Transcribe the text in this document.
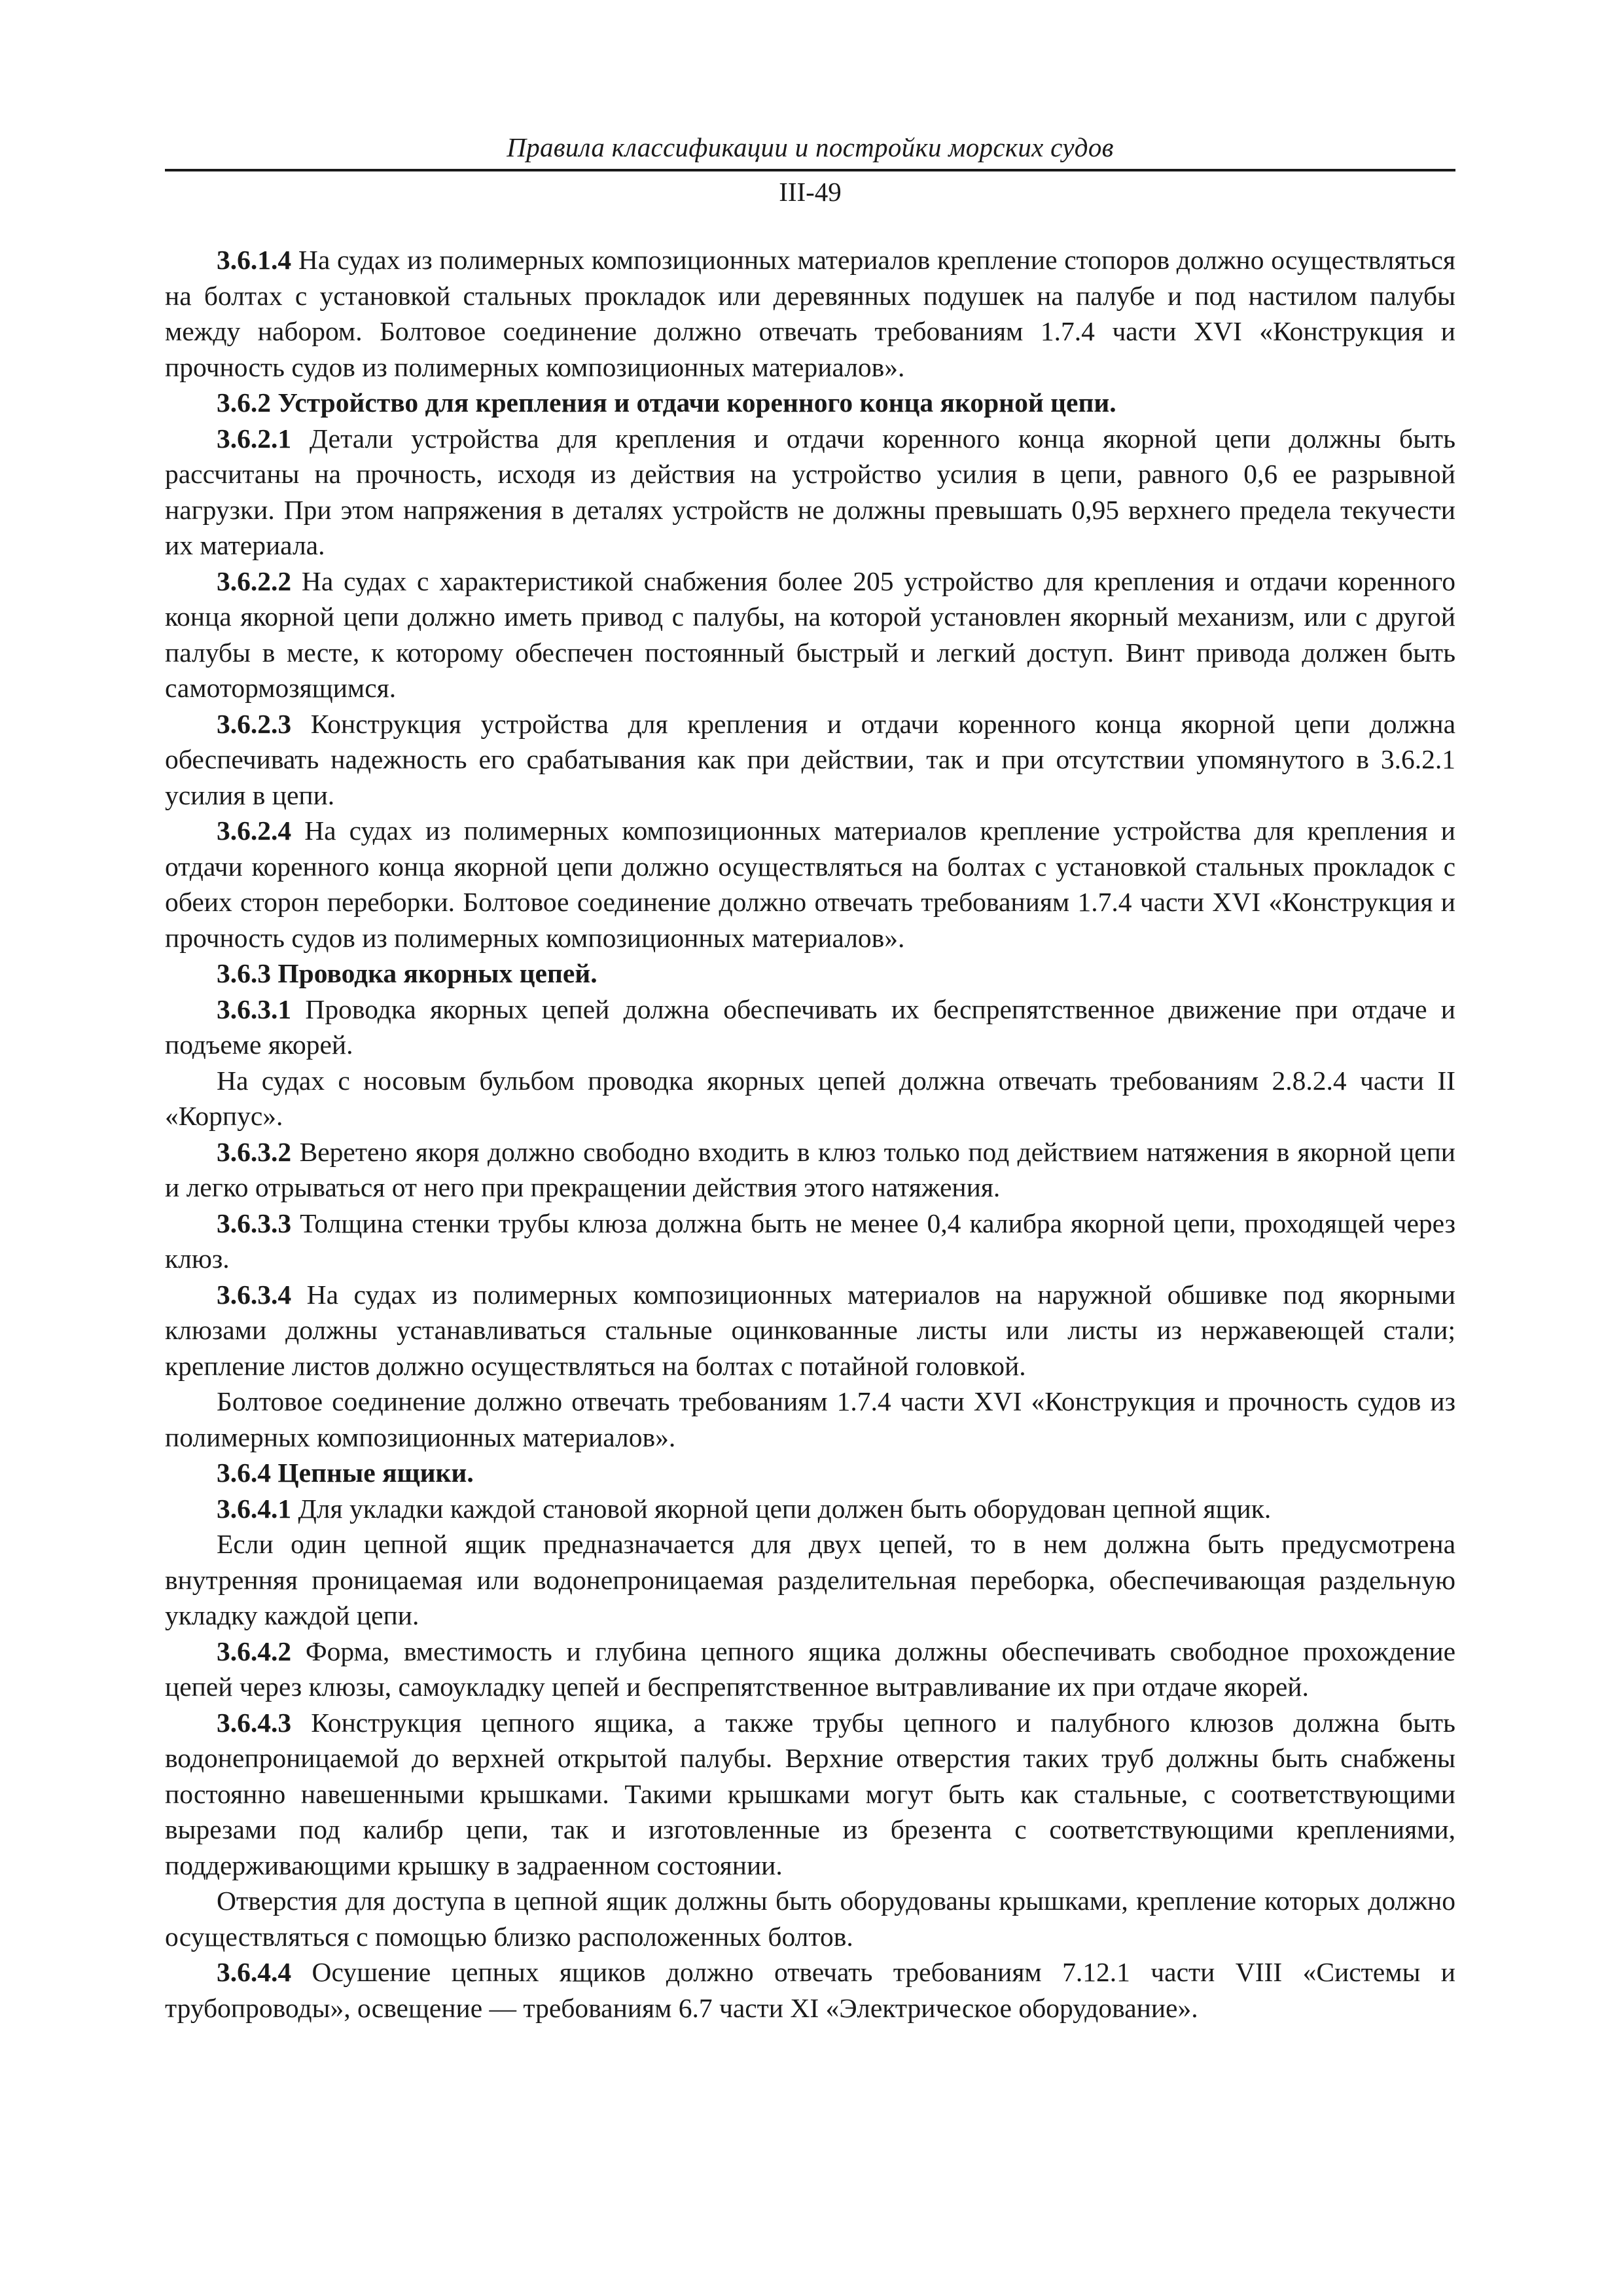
Правила классификации и постройки морских судов
III-49

3.6.1.4 На судах из полимерных композиционных материалов крепление стопоров должно осуществляться на болтах с установкой стальных прокладок или деревянных подушек на палубе и под настилом палубы между набором. Болтовое соединение должно отвечать требованиям 1.7.4 части XVI «Конструкция и прочность судов из полимерных композиционных материалов».

3.6.2 Устройство для крепления и отдачи коренного конца якорной цепи.

3.6.2.1 Детали устройства для крепления и отдачи коренного конца якорной цепи должны быть рассчитаны на прочность, исходя из действия на устройство усилия в цепи, равного 0,6 ее разрывной нагрузки. При этом напряжения в деталях устройств не должны превышать 0,95 верхнего предела текучести их материала.

3.6.2.2 На судах с характеристикой снабжения более 205 устройство для крепления и отдачи коренного конца якорной цепи должно иметь привод с палубы, на которой установлен якорный механизм, или с другой палубы в месте, к которому обеспечен постоянный быстрый и легкий доступ. Винт привода должен быть самотормозящимся.

3.6.2.3 Конструкция устройства для крепления и отдачи коренного конца якорной цепи должна обеспечивать надежность его срабатывания как при действии, так и при отсутствии упомянутого в 3.6.2.1 усилия в цепи.

3.6.2.4 На судах из полимерных композиционных материалов крепление устройства для крепления и отдачи коренного конца якорной цепи должно осуществляться на болтах с установкой стальных прокладок с обеих сторон переборки. Болтовое соединение должно отвечать требованиям 1.7.4 части XVI «Конструкция и прочность судов из полимерных композиционных материалов».

3.6.3 Проводка якорных цепей.

3.6.3.1 Проводка якорных цепей должна обеспечивать их беспрепятственное движение при отдаче и подъеме якорей.

На судах с носовым бульбом проводка якорных цепей должна отвечать требованиям 2.8.2.4 части II «Корпус».

3.6.3.2 Веретено якоря должно свободно входить в клюз только под действием натяжения в якорной цепи и легко отрываться от него при прекращении действия этого натяжения.

3.6.3.3 Толщина стенки трубы клюза должна быть не менее 0,4 калибра якорной цепи, проходящей через клюз.

3.6.3.4 На судах из полимерных композиционных материалов на наружной обшивке под якорными клюзами должны устанавливаться стальные оцинкованные листы или листы из нержавеющей стали; крепление листов должно осуществляться на болтах с потайной головкой.

Болтовое соединение должно отвечать требованиям 1.7.4 части XVI «Конструкция и прочность судов из полимерных композиционных материалов».

3.6.4 Цепные ящики.

3.6.4.1 Для укладки каждой становой якорной цепи должен быть оборудован цепной ящик.

Если один цепной ящик предназначается для двух цепей, то в нем должна быть предусмотрена внутренняя проницаемая или водонепроницаемая разделительная переборка, обеспечивающая раздельную укладку каждой цепи.

3.6.4.2 Форма, вместимость и глубина цепного ящика должны обеспечивать свободное прохождение цепей через клюзы, самоукладку цепей и беспрепятственное вытравливание их при отдаче якорей.

3.6.4.3 Конструкция цепного ящика, а также трубы цепного и палубного клюзов должна быть водонепроницаемой до верхней открытой палубы. Верхние отверстия таких труб должны быть снабжены постоянно навешенными крышками. Такими крышками могут быть как стальные, с соответствующими вырезами под калибр цепи, так и изготовленные из брезента с соответствующими креплениями, поддерживающими крышку в задраенном состоянии.

Отверстия для доступа в цепной ящик должны быть оборудованы крышками, крепление которых должно осуществляться с помощью близко расположенных болтов.

3.6.4.4 Осушение цепных ящиков должно отвечать требованиям 7.12.1 части VIII «Системы и трубопроводы», освещение — требованиям 6.7 части XI «Электрическое оборудование».
